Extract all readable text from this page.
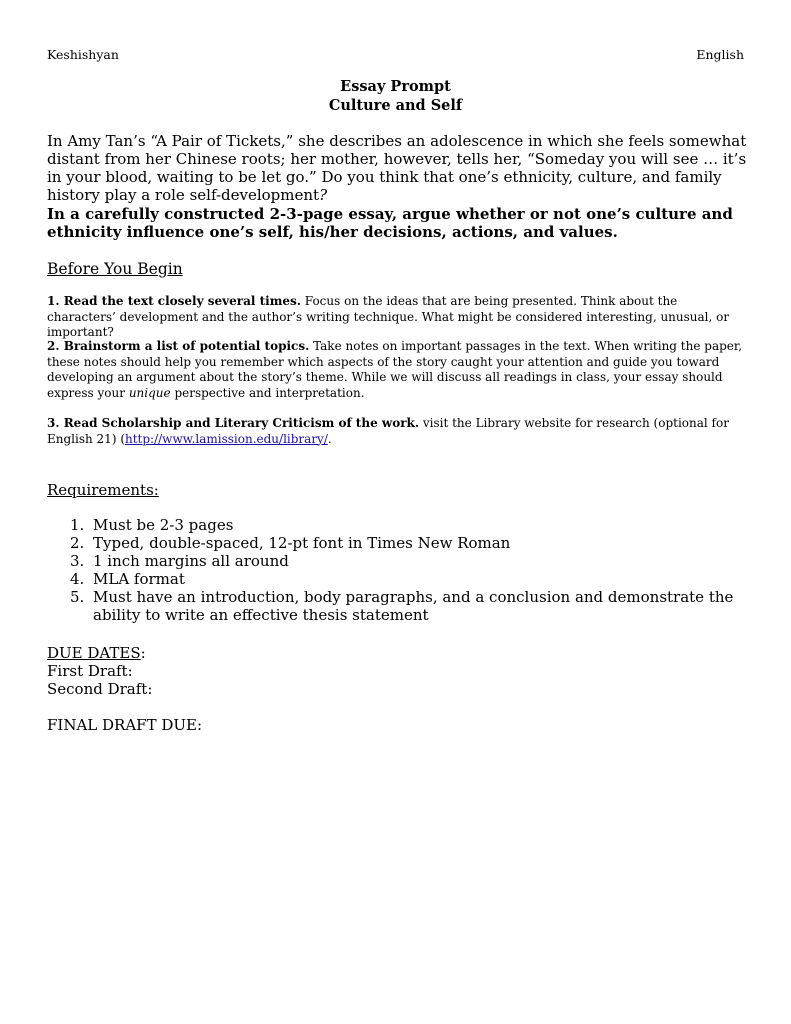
Keshishyan	English
Essay Prompt
Culture and Self
In Amy Tan’s “A Pair of Tickets,” she describes an adolescence in which she feels somewhat distant from her Chinese roots; her mother, however, tells her, “Someday you will see … it’s in your blood, waiting to be let go.” Do you think that one’s ethnicity, culture, and family history play a role self-development?
In a carefully constructed 2-3-page essay, argue whether or not one’s culture and ethnicity influence one’s self, his/her decisions, actions, and values.
Before You Begin
1. Read the text closely several times. Focus on the ideas that are being presented. Think about the characters’ development and the author’s writing technique. What might be considered interesting, unusual, or important?
2. Brainstorm a list of potential topics. Take notes on important passages in the text. When writing the paper, these notes should help you remember which aspects of the story caught your attention and guide you toward developing an argument about the story’s theme. While we will discuss all readings in class, your essay should express your unique perspective and interpretation.
3. Read Scholarship and Literary Criticism of the work. visit the Library website for research (optional for English 21) (http://www.lamission.edu/library/.
Requirements:
1. Must be 2-3 pages
2. Typed, double-spaced, 12-pt font in Times New Roman
3. 1 inch margins all around
4. MLA format
5. Must have an introduction, body paragraphs, and a conclusion and demonstrate the ability to write an effective thesis statement
DUE DATES:
First Draft:
Second Draft:
FINAL DRAFT DUE:
